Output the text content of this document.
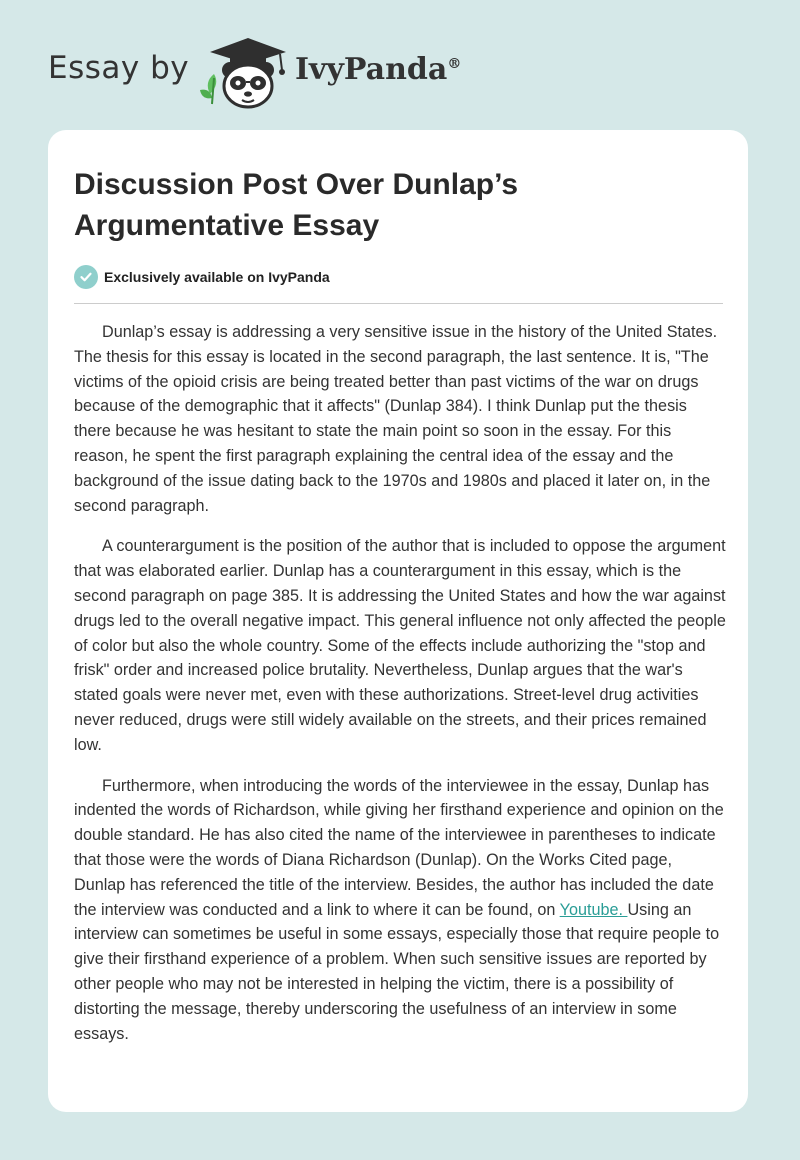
Essay by	IvyPanda®
Discussion Post Over Dunlap’s Argumentative Essay
Exclusively available on IvyPanda

Dunlap’s essay is addressing a very sensitive issue in the history of the United States. The thesis for this essay is located in the second paragraph, the last sentence. It is, "The victims of the opioid crisis are being treated better than past victims of the war on drugs because of the demographic that it affects" (Dunlap 384). I think Dunlap put the thesis there because he was hesitant to state the main point so soon in the essay. For this reason, he spent the first paragraph explaining the central idea of the essay and the background of the issue dating back to the 1970s and 1980s and placed it later on, in the second paragraph.

A counterargument is the position of the author that is included to oppose the argument that was elaborated earlier. Dunlap has a counterargument in this essay, which is the second paragraph on page 385. It is addressing the United States and how the war against drugs led to the overall negative impact. This general influence not only affected the people of color but also the whole country. Some of the effects include authorizing the "stop and frisk" order and increased police brutality. Nevertheless, Dunlap argues that the war's stated goals were never met, even with these authorizations. Street-level drug activities never reduced, drugs were still widely available on the streets, and their prices remained low.

Furthermore, when introducing the words of the interviewee in the essay, Dunlap has indented the words of Richardson, while giving her firsthand experience and opinion on the double standard. He has also cited the name of the interviewee in parentheses to indicate that those were the words of Diana Richardson (Dunlap). On the Works Cited page, Dunlap has referenced the title of the interview. Besides, the author has included the date the interview was conducted and a link to where it can be found, on Youtube. Using an interview can sometimes be useful in some essays, especially those that require people to give their firsthand experience of a problem. When such sensitive issues are reported by other people who may not be interested in helping the victim, there is a possibility of distorting the message, thereby underscoring the usefulness of an interview in some essays.
